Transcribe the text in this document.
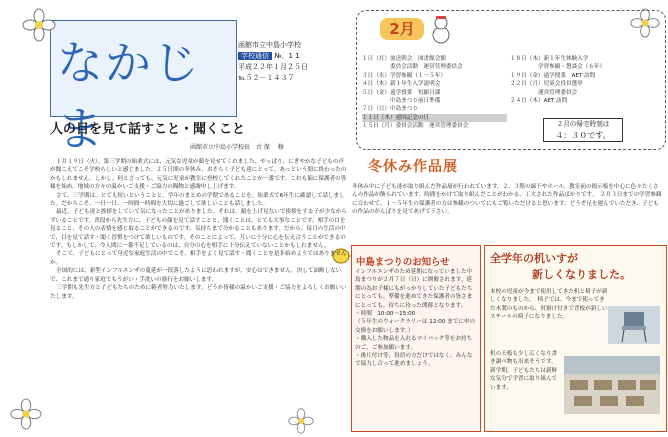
なかじま
函館市立中島小学校
学校通信 №．1 1
平成２２年１月２５日
℡５２－１４３７
2月
１日（月）放送朝会　図書館会館
　　　　　委員会活動　運営管理委員会
３日（水）学習参観（１～５年）
４日（木）新１年生入学説明会
５日（金）遠学授業　短縮日課
　　　　　中島まつり前日準備
７日（日）中島まつり
１１日（木）建国記念の日
１５日（月）委員会活動　運営管理委員会
１８日（木）新１年生体験入学
　　　　　学習参観・懇談会（６年）
１９日（金）遠学授業　AET 訪問
２２日（月）児童会役員選挙
　　　　　運営管理委員会
２４日（木）AET 訪問
２月の帰宅時刻は
４：３０です。
人の目を見て話すこと・聞くこと
函館市立中島小学校長　古 保　 修

１月１９日（火）、第三学期の始業式には、元気な児童が顔を見せてくれました。やっぱり、にぎやかな子どもの声が聞こえてこそ学校らしいと感じました。２５日間の冬休み、おそらく子ども達にとって、あっという間に終わったのかもしれません。しかし、何と言っても、元気に児童が教室に登校してくれたことが一番です。これも偏に保護者の皆様を始め、地域の方々の温かいご支援・ご協力の賜物と感謝申し上げます。

さて、三学期は、とても短いということと、学年のまとめの学期であることを、始業式で6年生に確認して話しました。だからこそ、一日一日、一時間一時間を大切に過ごして欲しいことも話しました。

最近、子ども達と挨拶をしていて気になったことがありました。それは、顔を上げ見ないで挨拶をする子が少なからずいることです。普段から先生方に、子どもの顔を見て話すことと、聞くことは、とても大事なことです。相手の目を見ること、その人の表情を感じ取ることができるのです。気持ちまで分かることもあります。だから、毎日の生活の中で、目を見て話す・聞く習慣をつけて欲しいものです。そのことによって、互いに十分に心を伝え合うことができるのです。もしかして、今人間に一番不足しているのは、自分の心を相手に十分伝えていないことかもしれません。

そこで、子どもにとって身近な家庭生活の中でこそ、相手をよく見て話す・聞くことを是非始めようではありませんか。

全国的には、新型インフルエンザの蔓延が一段落したように思われますが、安心はできません。決して油断しないで、これまで通り家庭でもうがい・手洗いの励行をお願いします。

三学期も先生方と子どもたちのために範者努力いたします。どうか皆様の温かいご支援・ご協力をよろしくお願いいたします。

冬休み作品展
冬休み中に子ども達が取り組んだ作品展が行われています。２、３階の廊下やホール、教室前の掲示板を中心に色々たくさんの作品が飾られています。時間をかけて取り組んだことがわかる、工夫された作品ばかりです。　２月３日までの学習参観に合わせて、１～５年生の保護者の方は参観のついでにもご覧いただけると思います。どうぞ足を運んでいただき、子どもの作品のがんばりを見てあげて下さい。
中島まつりのお知らせ
インフルエンザのため延期になっていました中島まつりが２月７日（日）に開催されます。延期の為お子様にもがっかりしていた子どもたちにとっても、準備を進めてきた保護者の皆さまにとっても、待ちに待った開催となります。
・時間　10:00～15:00
（５年生のウォークラリーは 12:00 までに申の交換をお願いします。）
・購入した物品を入れるマイバック等をお持ちのご、ご参加願います。
・後片付け等、役員の方だけではなく、みんなで協力し合って進めましょう。
全学年の机いすが
新しくなりました。
本校の児童が今まで使用してきた机と椅子が新しくなりました。　椅子では、今まで使ってきた木製のものから、肘掛け付きで背板が新しいスチールの椅子になりました。
机の天板も少し広くなり書き調べ物も出来そうです。　新学期、子どもたちは新鮮な気分で学習に取り組んでいます。
